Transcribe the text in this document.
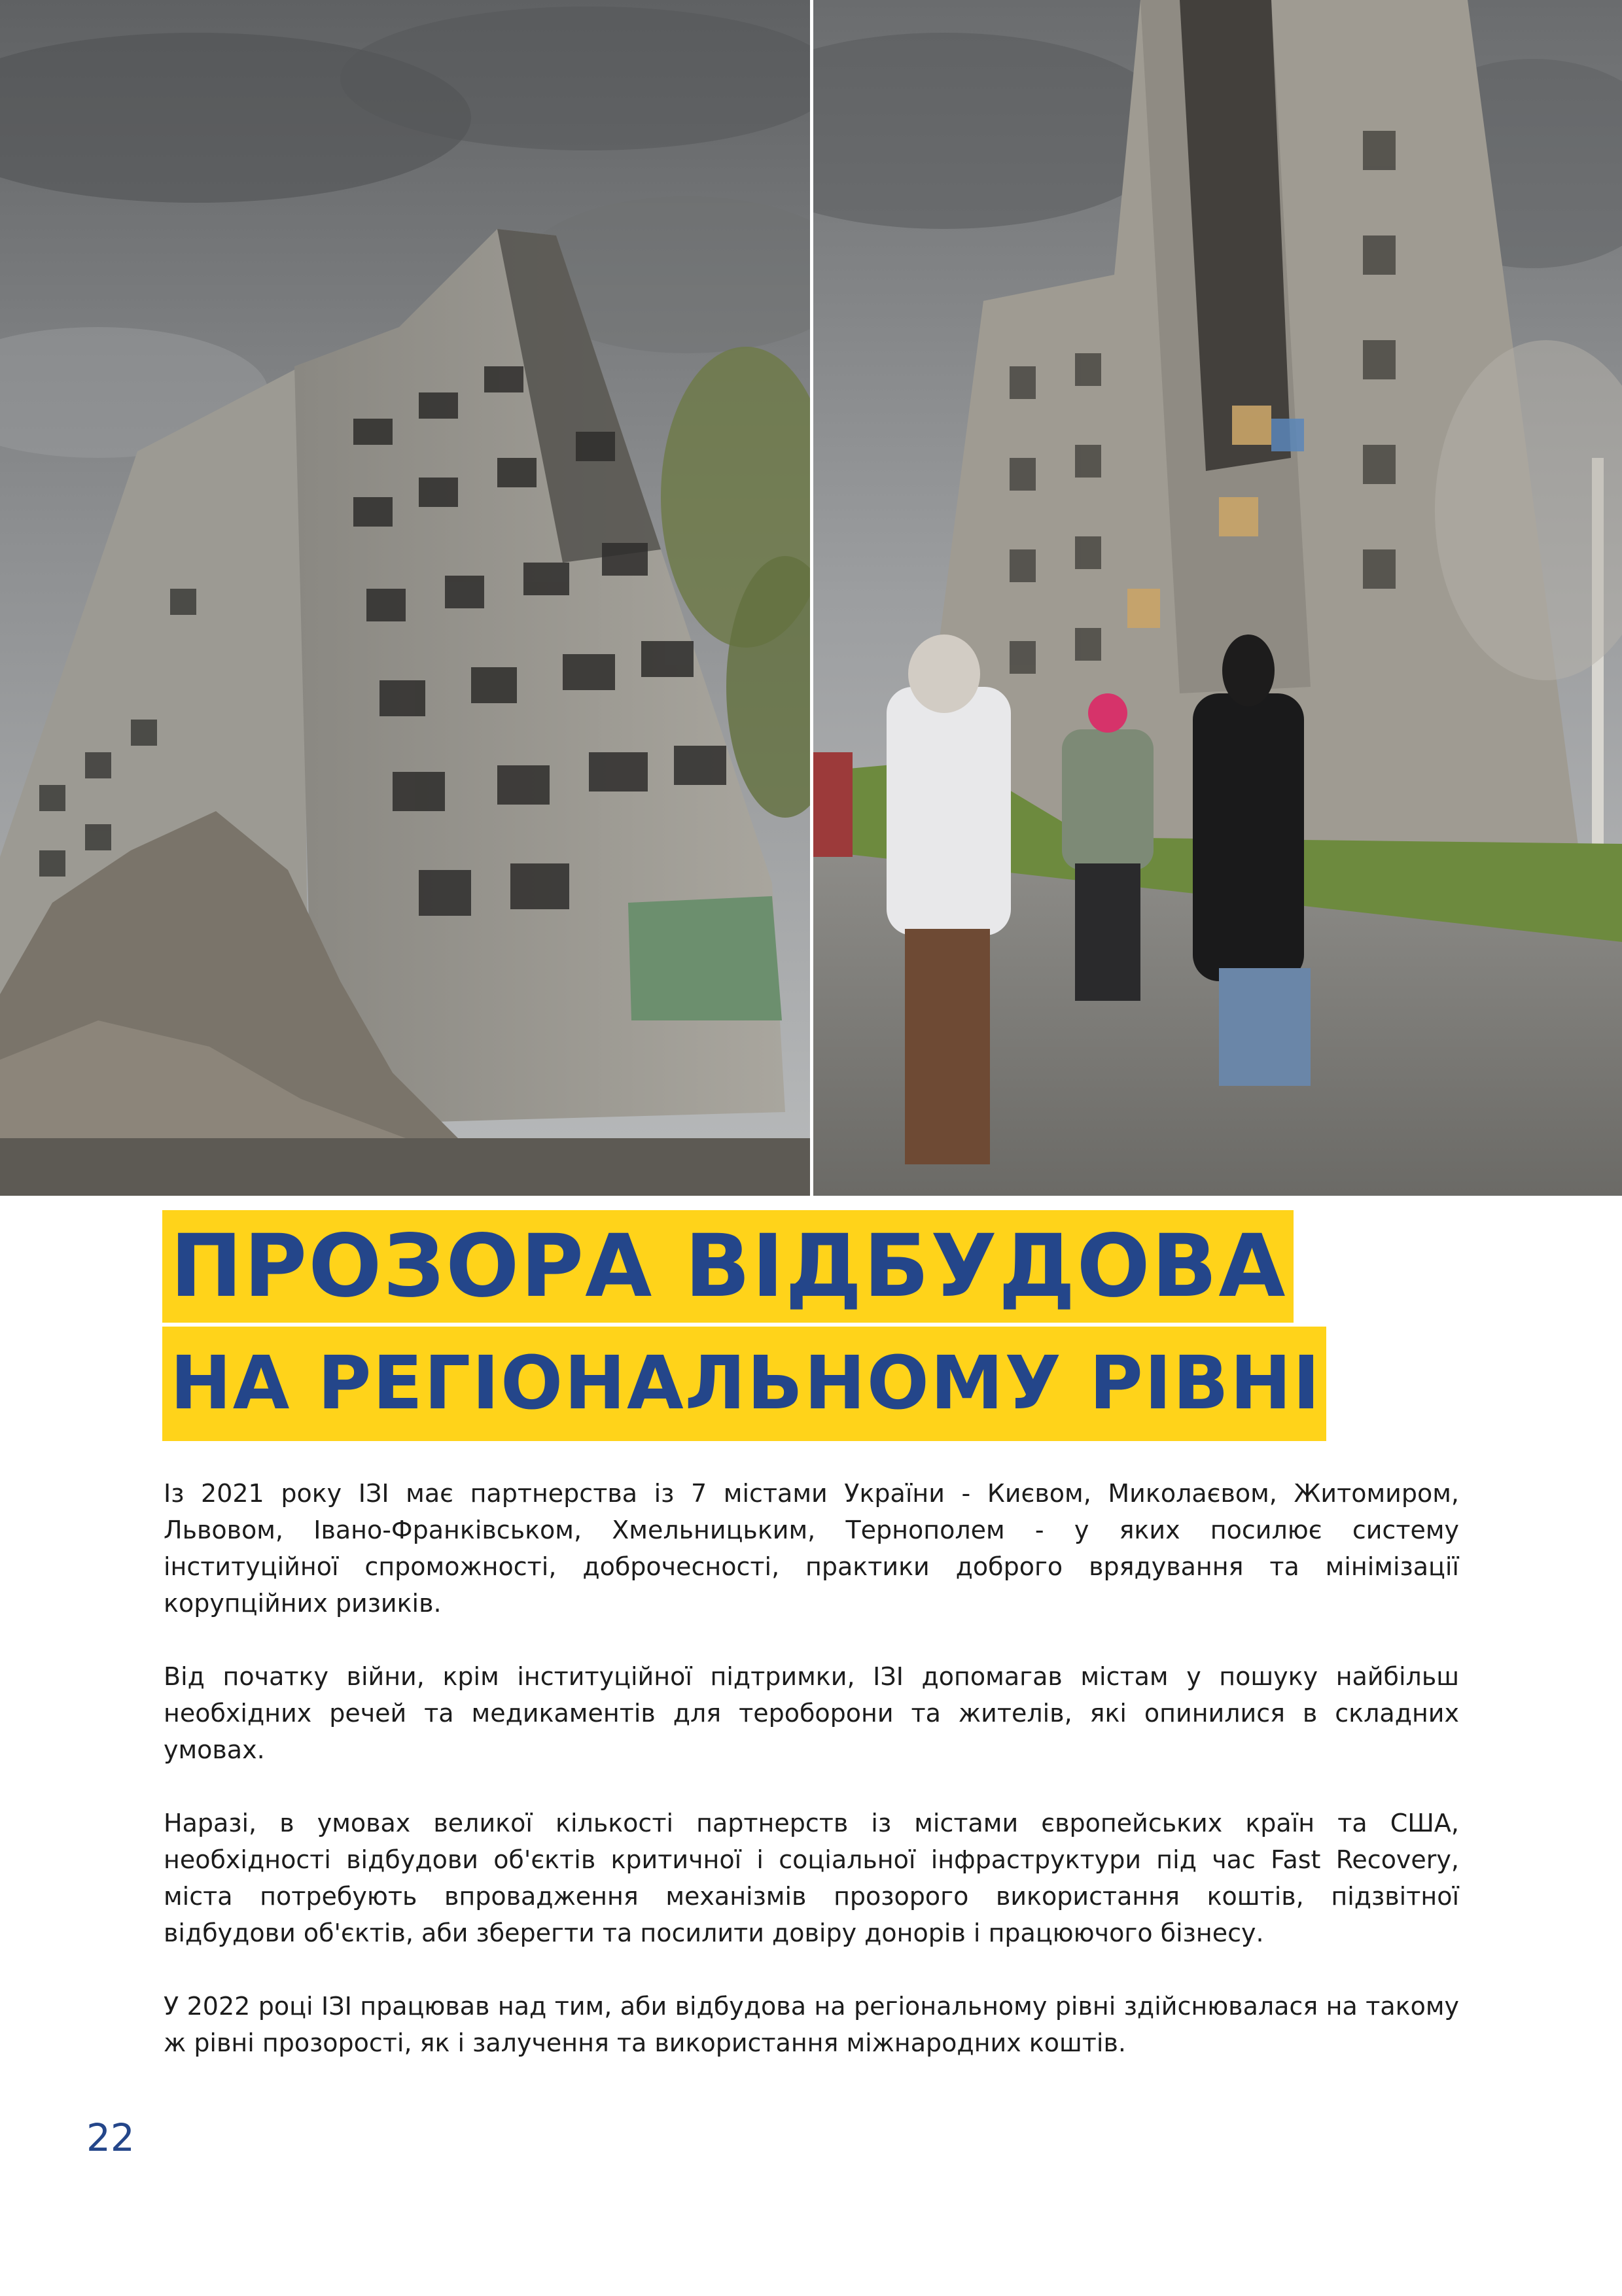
ПРОЗОРА ВІДБУДОВА
НА РЕГІОНАЛЬНОМУ РІВНІ

Із 2021 року ІЗІ має партнерства із 7 містами України - Києвом, Миколаєвом, Житомиром, Львовом, Івано-Франківськом, Хмельницьким, Тернополем - у яких посилює систему інституційної спроможності, доброчесності, практики доброго врядування та мінімізації корупційних ризиків.

Від початку війни, крім інституційної підтримки, ІЗІ допомагав містам у пошуку найбільш необхідних речей та медикаментів для тероборони та жителів, які опинилися в складних умовах.

Наразі, в умовах великої кількості партнерств із містами європейських країн та США, необхідності відбудови об'єктів критичної і соціальної інфраструктури під час Fast Recovery, міста потребують впровадження механізмів прозорого використання коштів, підзвітної відбудови об'єктів, аби зберегти та посилити довіру донорів і працюючого бізнесу.

У 2022 році ІЗІ працював над тим, аби відбудова на регіональному рівні здійснювалася на такому ж рівні прозорості, як і залучення та використання міжнародних коштів.

22
